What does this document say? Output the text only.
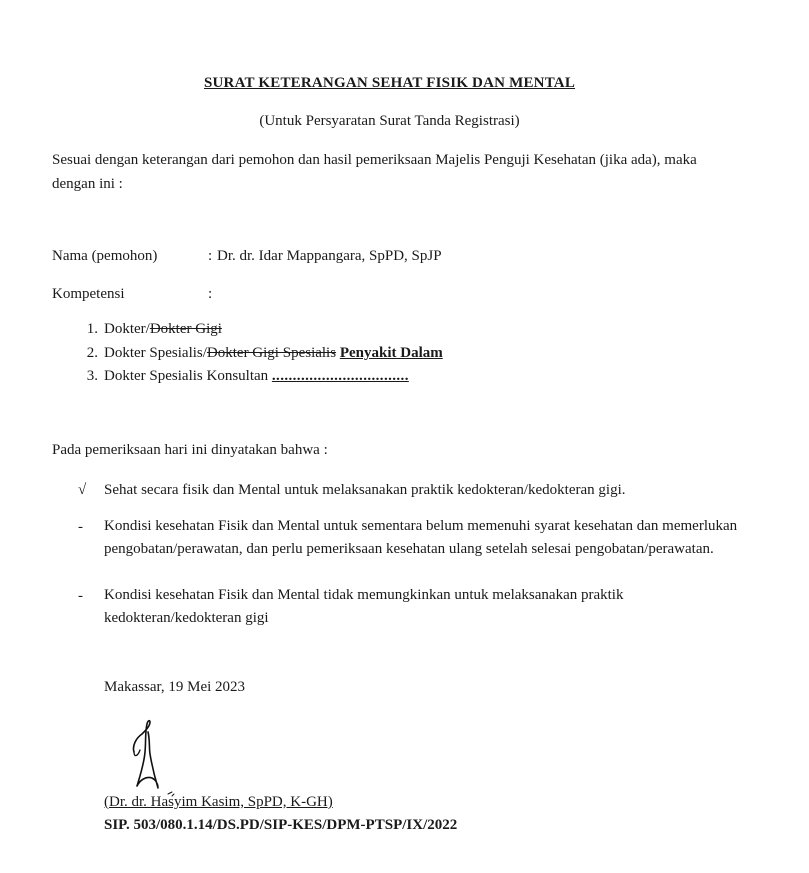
SURAT KETERANGAN SEHAT FISIK DAN MENTAL
(Untuk Persyaratan Surat Tanda Registrasi)
Sesuai dengan keterangan dari pemohon dan hasil pemeriksaan Majelis Penguji Kesehatan (jika ada), maka dengan ini :
Nama (pemohon)	: Dr. dr. Idar Mappangara, SpPD, SpJP
Kompetensi	:
1. Dokter/Dokter Gigi
2. Dokter Spesialis/Dokter Gigi Spesialis Penyakit Dalam
3. Dokter Spesialis Konsultan .................................
Pada pemeriksaan hari ini dinyatakan bahwa :
√	Sehat secara fisik dan Mental untuk melaksanakan praktik kedokteran/kedokteran gigi.
-	Kondisi kesehatan Fisik dan Mental untuk sementara belum memenuhi syarat kesehatan dan memerlukan pengobatan/perawatan, dan perlu pemeriksaan kesehatan ulang setelah selesai pengobatan/perawatan.
-	Kondisi kesehatan Fisik dan Mental tidak memungkinkan untuk melaksanakan praktik kedokteran/kedokteran gigi
Makassar, 19 Mei 2023
(Dr. dr. Hasyim Kasim, SpPD, K-GH)
SIP. 503/080.1.14/DS.PD/SIP-KES/DPM-PTSP/IX/2022
